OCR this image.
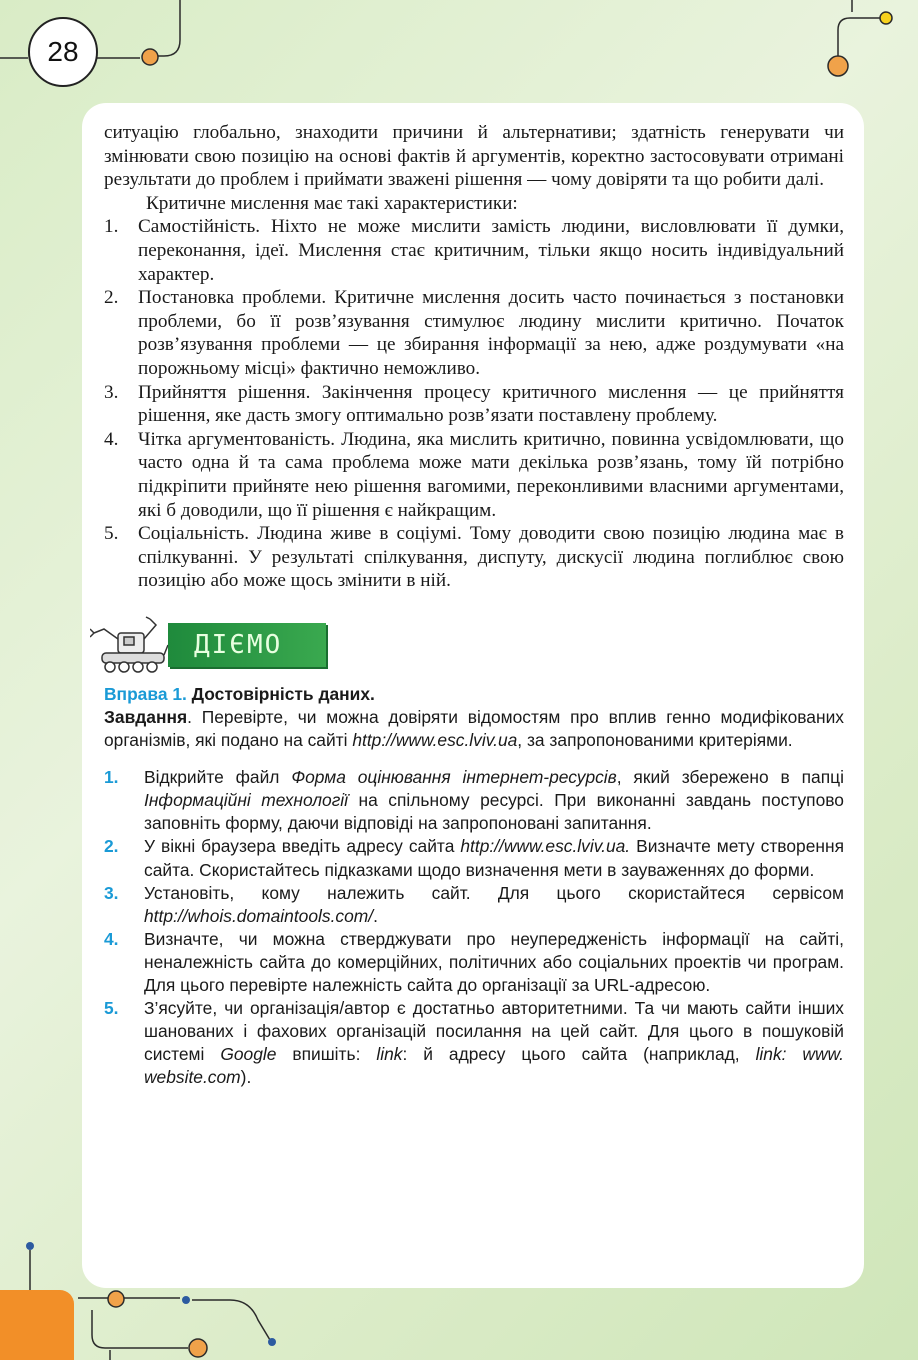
28

ситуацію глобально, знаходити причини й альтернативи; здатність генерувати чи змінювати свою позицію на основі фактів й аргументів, коректно застосовувати отримані результати до проблем і приймати зважені рішення — чому довіряти та що робити далі.

Критичне мислення має такі характеристики:

1. Самостійність. Ніхто не може мислити замість людини, висловлювати її думки, переконання, ідеї. Мислення стає критичним, тільки якщо носить індивідуальний характер.
2. Постановка проблеми. Критичне мислення досить часто починається з постановки проблеми, бо її розв’язування стимулює людину мислити критично. Початок розв’язування проблеми — це збирання інформації за нею, адже роздумувати «на порожньому місці» фактично неможливо.
3. Прийняття рішення. Закінчення процесу критичного мислення — це прийняття рішення, яке дасть змогу оптимально розв’язати поставлену проблему.
4. Чітка аргументованість. Людина, яка мислить критично, повинна усвідомлювати, що часто одна й та сама проблема може мати декілька розв’язань, тому їй потрібно підкріпити прийняте нею рішення вагомими, переконливими власними аргументами, які б доводили, що її рішення є найкращим.
5. Соціальність. Людина живе в соціумі. Тому доводити свою позицію людина має в спілкуванні. У результаті спілкування, диспуту, дискусії людина поглиблює свою позицію або може щось змінити в ній.
ДІЄМО

Вправа 1. Достовірність даних.

Завдання. Перевірте, чи можна довіряти відомостям про вплив генно модифікованих організмів, які подано на сайті http://www.esc.lviv.ua, за запропонованими критеріями.

1. Відкрийте файл Форма оцінювання інтернет-ресурсів, який збережено в папці Інформаційні технології на спільному ресурсі. При виконанні завдань поступово заповніть форму, даючи відповіді на запропоновані запитання.
2. У вікні браузера введіть адресу сайта http://www.esc.lviv.ua. Визначте мету створення сайта. Скористайтесь підказками щодо визначення мети в зауваженнях до форми.
3. Установіть, кому належить сайт. Для цього скористайтеся сервісом http://whois.domaintools.com/.
4. Визначте, чи можна стверджувати про неупередженість інформації на сайті, неналежність сайта до комерційних, політичних або соціальних проектів чи програм. Для цього перевірте належність сайта до організації за URL-адресою.
5. З’ясуйте, чи організація/автор є достатньо авторитетними. Та чи мають сайти інших шанованих і фахових організацій посилання на цей сайт. Для цього в пошуковій системі Google впишіть: link: й адресу цього сайта (наприклад, link: www. website.com).
